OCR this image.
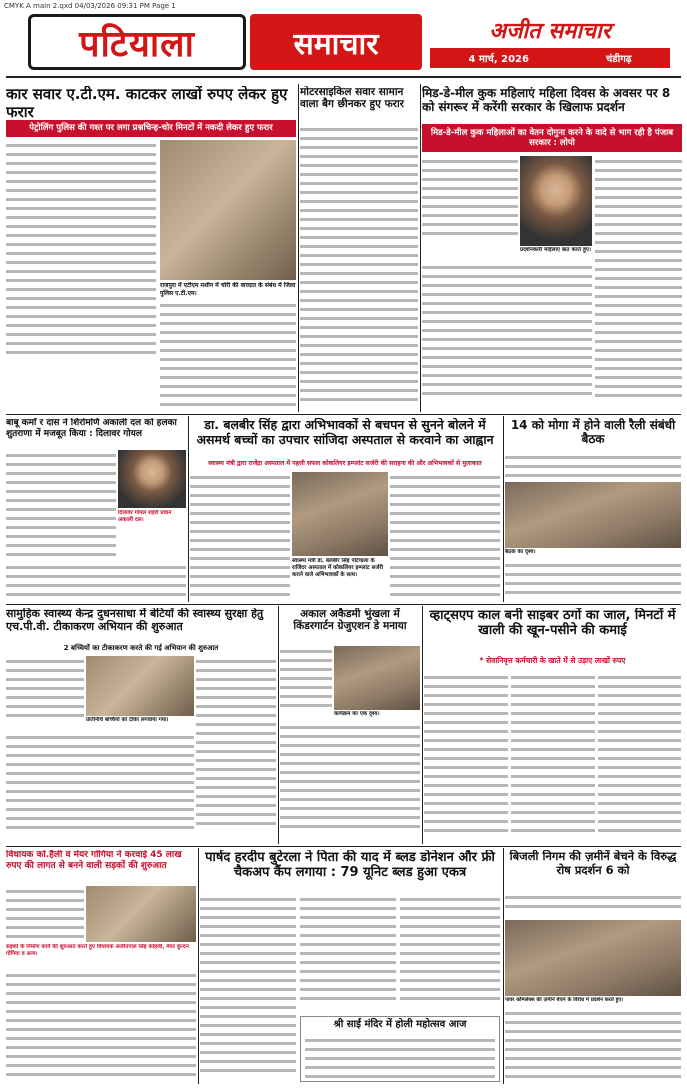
CMYK A main 2.qxd 04/03/2026 09:31 PM Page 1
पटियाला	समाचार	अजीत समाचार
4 मार्च, 2026	चंडीगढ़
कार सवार ए.टी.एम. काटकर लाखों रुपए लेकर हुए फरार
पेट्रोलिंग पुलिस की गश्त पर लगा प्रश्नचिन्ह-चोर मिनटों में नकदी लेकर हुए फरार
राजपुरा में एटीएम मशीन में चोरी की वारदात के संबंध में जिला पुलिस ए.टी.एम।
मोटरसाइकिल सवार सामान वाला बैग छीनकर हुए फरार
मिड-डे-मील कुक महिलाएं महिला दिवस के अवसर पर 8 को संगरूर में करेंगी सरकार के खिलाफ प्रदर्शन
मिड-डे-मील कुक महिलाओं का वेतन दोगुना करने के वादे से भाग रही है पंजाब सरकार : लोपो
प्रदर्शनकारी महिलाएं बात करते हुए।
बाबू कर्मों र दास ने शिरोमणि अकाली दल को हलका शुतराणा में मजबूत किया : दिलावर गोयल
दिलावर गोयल शहरी प्रधान अकाली दल।
डा. बलबीर सिंह द्वारा अभिभावकों से बचपन से सुनने बोलने में असमर्थ बच्चों का उपचार सांजिदा अस्पताल से करवाने का आह्वान
स्वास्थ्य मंत्री द्वारा राजेंद्रा अस्पताल में पहली सफल कोकलियर इम्प्लांट सर्जरी की सराहना की और अभिभावकों से मुलाकात
स्वास्थ्य मंत्री डा. बलबीर सिंह पटियाला के राजिंदर अस्पताल में कोकलियर इम्प्लांट सर्जरी कराने वाले अभिभावकों के साथ।
14 को मोगा में होने वाली रैली संबंधी बैठक
बैठक का दृश्य।
सामुहिक स्वास्थ्य केन्द्र दुधनसाधा में बेटियों की स्वास्थ्य सुरक्षा हेतु एच.पी.वी. टीकाकरण अभियान की शुरुआत
2 बच्चियों का टीकाकरण करते की गई अभियान की शुरुआत
प्रतिनिधि बच्चियों को टीका लगवाया गया।
अकाल अकैडमी भुंखला में किंडरगार्टन ग्रेजुएशन डे मनाया
कार्यक्रम का एक दृश्य।
व्हाट्सएप काल बनी साइबर ठगों का जाल, मिनटों में खाली की खून-पसीने की कमाई
* सेवानिवृत्त कर्मचारी के खाते में से उड़ाए लाखों रुपए
विधायक को.हैली व मेयर गोगिया ने करवाई 45 लाख रुपए की लागत से बनने वाली सड़कों की शुरुआत
सड़कों के निर्माण कार्य की शुरुआत करते हुए विधायक अजीतपाल सिंह कोहली, मेयर कुन्दन गोगिया व अन्य।
पार्षद हरदीप बुटेरला ने पिता की याद में ब्लड डोनेशन और फ्री चैकअप कैंप लगाया : 79 यूनिट ब्लड हुआ एकत्र
श्री साईं मंदिर में होली महोत्सव आज
बिजली निगम की ज़मीनें बेचने के विरुद्ध रोष प्रदर्शन 6 को
पावर कॉम्प्लेक्स की ज़मीनें बेचने के विरोध में प्रदर्शन करते हुए।
